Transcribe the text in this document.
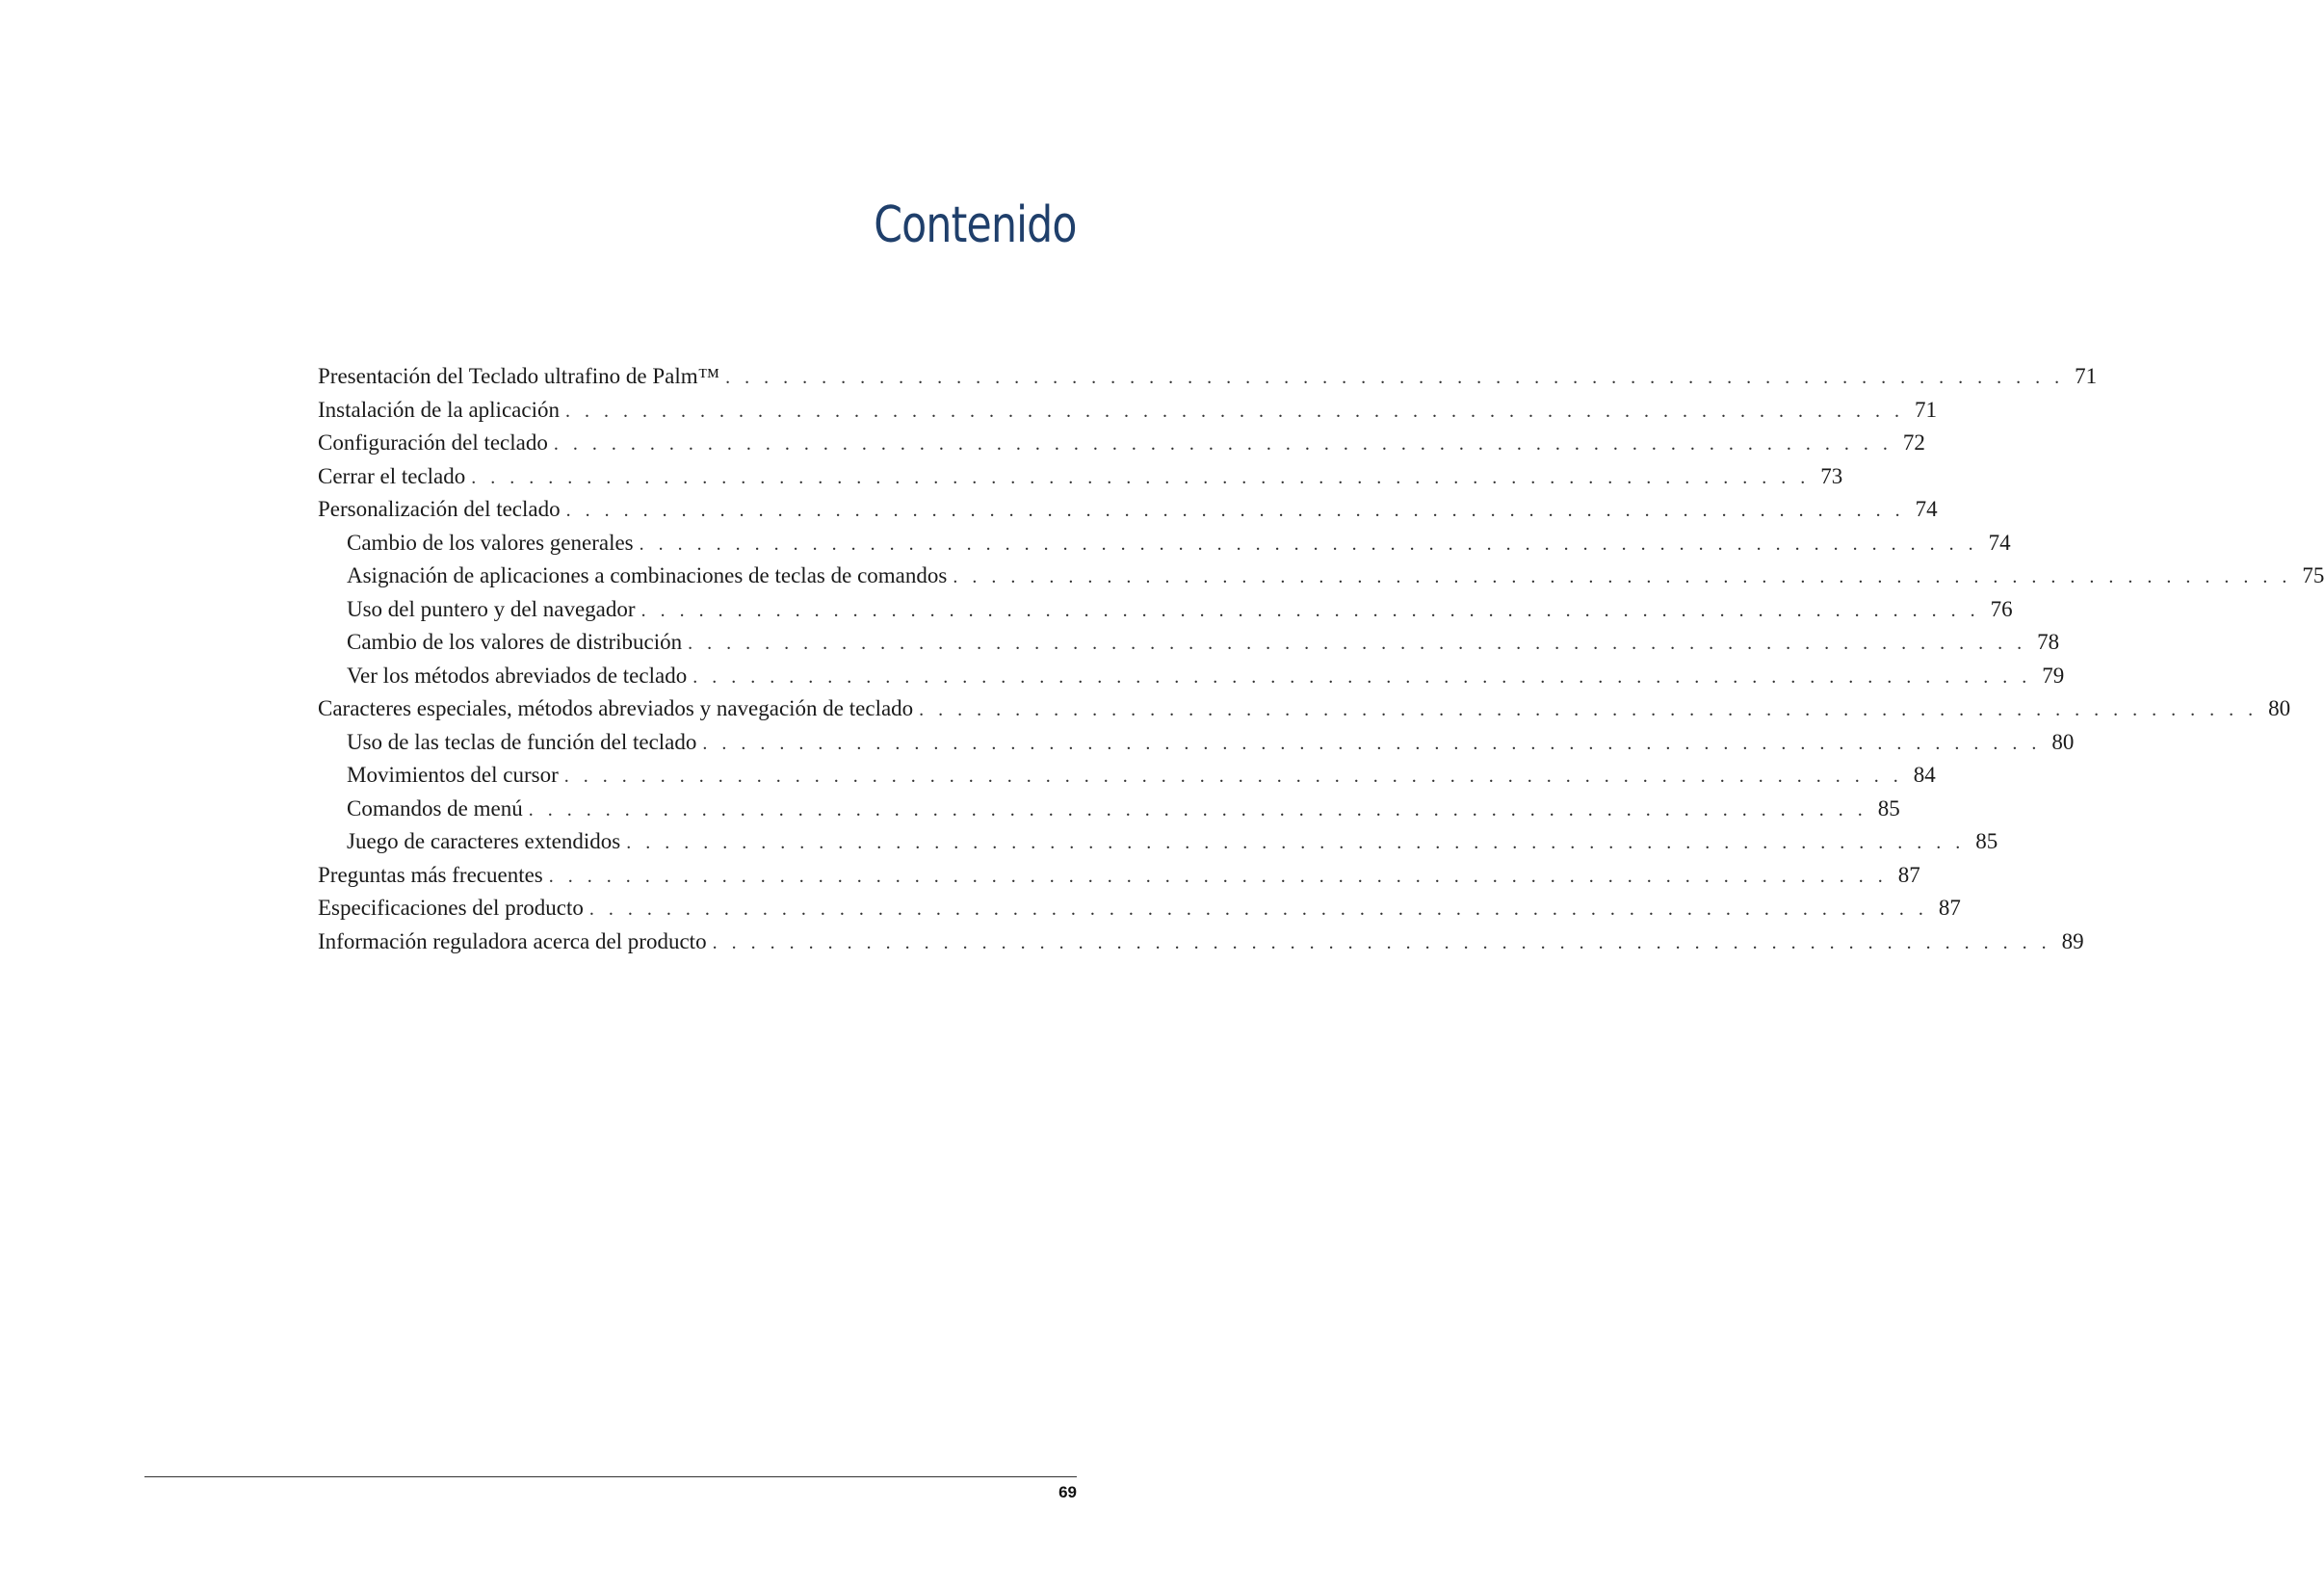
Contenido
Presentación del Teclado ultrafino de Palm™ . . . . . . . . . . . . . . . . . . . . . . . . . . . . . . . . . . . . . . . . . . . . . . . . . . . . . . . . . . . . . . . . . . . . . . 71
Instalación de la aplicación . . . . . . . . . . . . . . . . . . . . . . . . . . . . . . . . . . . . . . . . . . . . . . . . . . . . . . . . . . . . . . . . . . . . . . 71
Configuración del teclado . . . . . . . . . . . . . . . . . . . . . . . . . . . . . . . . . . . . . . . . . . . . . . . . . . . . . . . . . . . . . . . . . . . . . . 72
Cerrar el teclado . . . . . . . . . . . . . . . . . . . . . . . . . . . . . . . . . . . . . . . . . . . . . . . . . . . . . . . . . . . . . . . . . . . . . . 73
Personalización del teclado . . . . . . . . . . . . . . . . . . . . . . . . . . . . . . . . . . . . . . . . . . . . . . . . . . . . . . . . . . . . . . . . . . . . . . 74
Cambio de los valores generales . . . . . . . . . . . . . . . . . . . . . . . . . . . . . . . . . . . . . . . . . . . . . . . . . . . . . . . . . . . . . . . . . . . . . . 74
Asignación de aplicaciones a combinaciones de teclas de comandos . . . . . . . . . . . . . . . . . . . . . . . . . . . . . . . . . . . . . . . . . . . . . . . . . . . . . . . . . . . . . . . . . . . . . . 75
Uso del puntero y del navegador . . . . . . . . . . . . . . . . . . . . . . . . . . . . . . . . . . . . . . . . . . . . . . . . . . . . . . . . . . . . . . . . . . . . . . 76
Cambio de los valores de distribución . . . . . . . . . . . . . . . . . . . . . . . . . . . . . . . . . . . . . . . . . . . . . . . . . . . . . . . . . . . . . . . . . . . . . . 78
Ver los métodos abreviados de teclado . . . . . . . . . . . . . . . . . . . . . . . . . . . . . . . . . . . . . . . . . . . . . . . . . . . . . . . . . . . . . . . . . . . . . . 79
Caracteres especiales, métodos abreviados y navegación de teclado . . . . . . . . . . . . . . . . . . . . . . . . . . . . . . . . . . . . . . . . . . . . . . . . . . . . . . . . . . . . . . . . . . . . . . 80
Uso de las teclas de función del teclado . . . . . . . . . . . . . . . . . . . . . . . . . . . . . . . . . . . . . . . . . . . . . . . . . . . . . . . . . . . . . . . . . . . . . . 80
Movimientos del cursor . . . . . . . . . . . . . . . . . . . . . . . . . . . . . . . . . . . . . . . . . . . . . . . . . . . . . . . . . . . . . . . . . . . . . . 84
Comandos de menú . . . . . . . . . . . . . . . . . . . . . . . . . . . . . . . . . . . . . . . . . . . . . . . . . . . . . . . . . . . . . . . . . . . . . . 85
Juego de caracteres extendidos . . . . . . . . . . . . . . . . . . . . . . . . . . . . . . . . . . . . . . . . . . . . . . . . . . . . . . . . . . . . . . . . . . . . . . 85
Preguntas más frecuentes . . . . . . . . . . . . . . . . . . . . . . . . . . . . . . . . . . . . . . . . . . . . . . . . . . . . . . . . . . . . . . . . . . . . . . 87
Especificaciones del producto . . . . . . . . . . . . . . . . . . . . . . . . . . . . . . . . . . . . . . . . . . . . . . . . . . . . . . . . . . . . . . . . . . . . . . 87
Información reguladora acerca del producto . . . . . . . . . . . . . . . . . . . . . . . . . . . . . . . . . . . . . . . . . . . . . . . . . . . . . . . . . . . . . . . . . . . . . . 89
69
